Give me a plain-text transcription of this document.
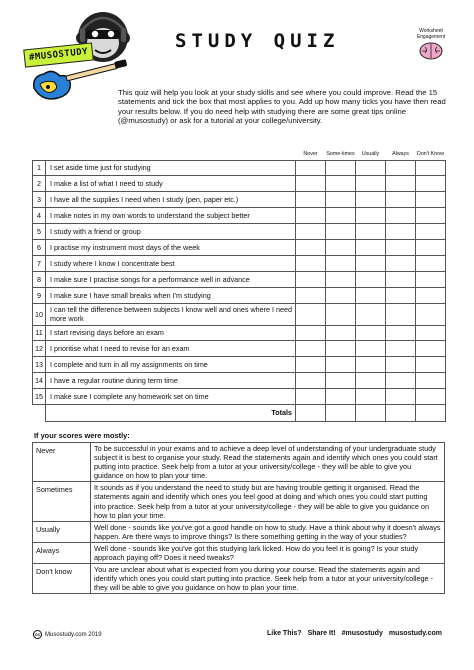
#MUSOSTUDY
STUDY QUIZ	Worksheet
Engagement

This quiz will help you look at your study skills and see where you could improve. Read the 15 statements and tick the box that most applies to you. Add up how many ticks you have then read your results below. If you do need help with studying there are some great tips online (@musostudy) or ask for a tutorial at your college/university.

		Never	Some-times	Usually	Always	Don't Know
1	I set aside time just for studying					
2	I make a list of what I need to study					
3	I have all the supplies I need when I study (pen, paper etc.)					
4	I make notes in my own words to understand the subject better					
5	I study with a friend or group					
6	I practise my instrument most days of the week					
7	I study where I know I concentrate best					
8	I make sure I practise songs for a performance well in advance					
9	I make sure I have small breaks when I'm studying					
10	I can tell the difference between subjects I know well and ones where I need more work					
11	I start revising days before an exam					
12	I prioritise what I need to revise for an exam					
13	I complete and turn in all my assignments on time					
14	I have a regular routine during term time					
15	I make sure I complete any homework set on time					
	Totals					
If your scores were mostly:
Never	To be successful in your exams and to achieve a deep level of understanding of your undergraduate study subject it is best to organise your study. Read the statements again and identify which ones you could start putting into practice. Seek help from a tutor at your university/college - they will be able to give you guidance on how to plan your time.
Sometimes	It sounds as if you understand the need to study but are having trouble getting it organised. Read the statements again and identify which ones you feel good at doing and which ones you could start putting into practice. Seek help from a tutor at your university/college - they will be able to give you guidance on how to plan your time.
Usually	Well done - sounds like you've got a good handle on how to study. Have a think about why it doesn't always happen. Are there ways to improve things? Is there something getting in the way of your studies?
Always	Well done - sounds like you've got this studying lark licked. How do you feel it is going? Is your study approach paying off? Does it need tweaks?
Don't know	You are unclear about what is expected from you during your course. Read the statements again and identify which ones you could start putting into practice. Seek help from a tutor at your university/college - they will be able to give you guidance on how to plan your time.
cc Musostudy.com 2019	Like This? Share It! #musostudy musostudy.com
